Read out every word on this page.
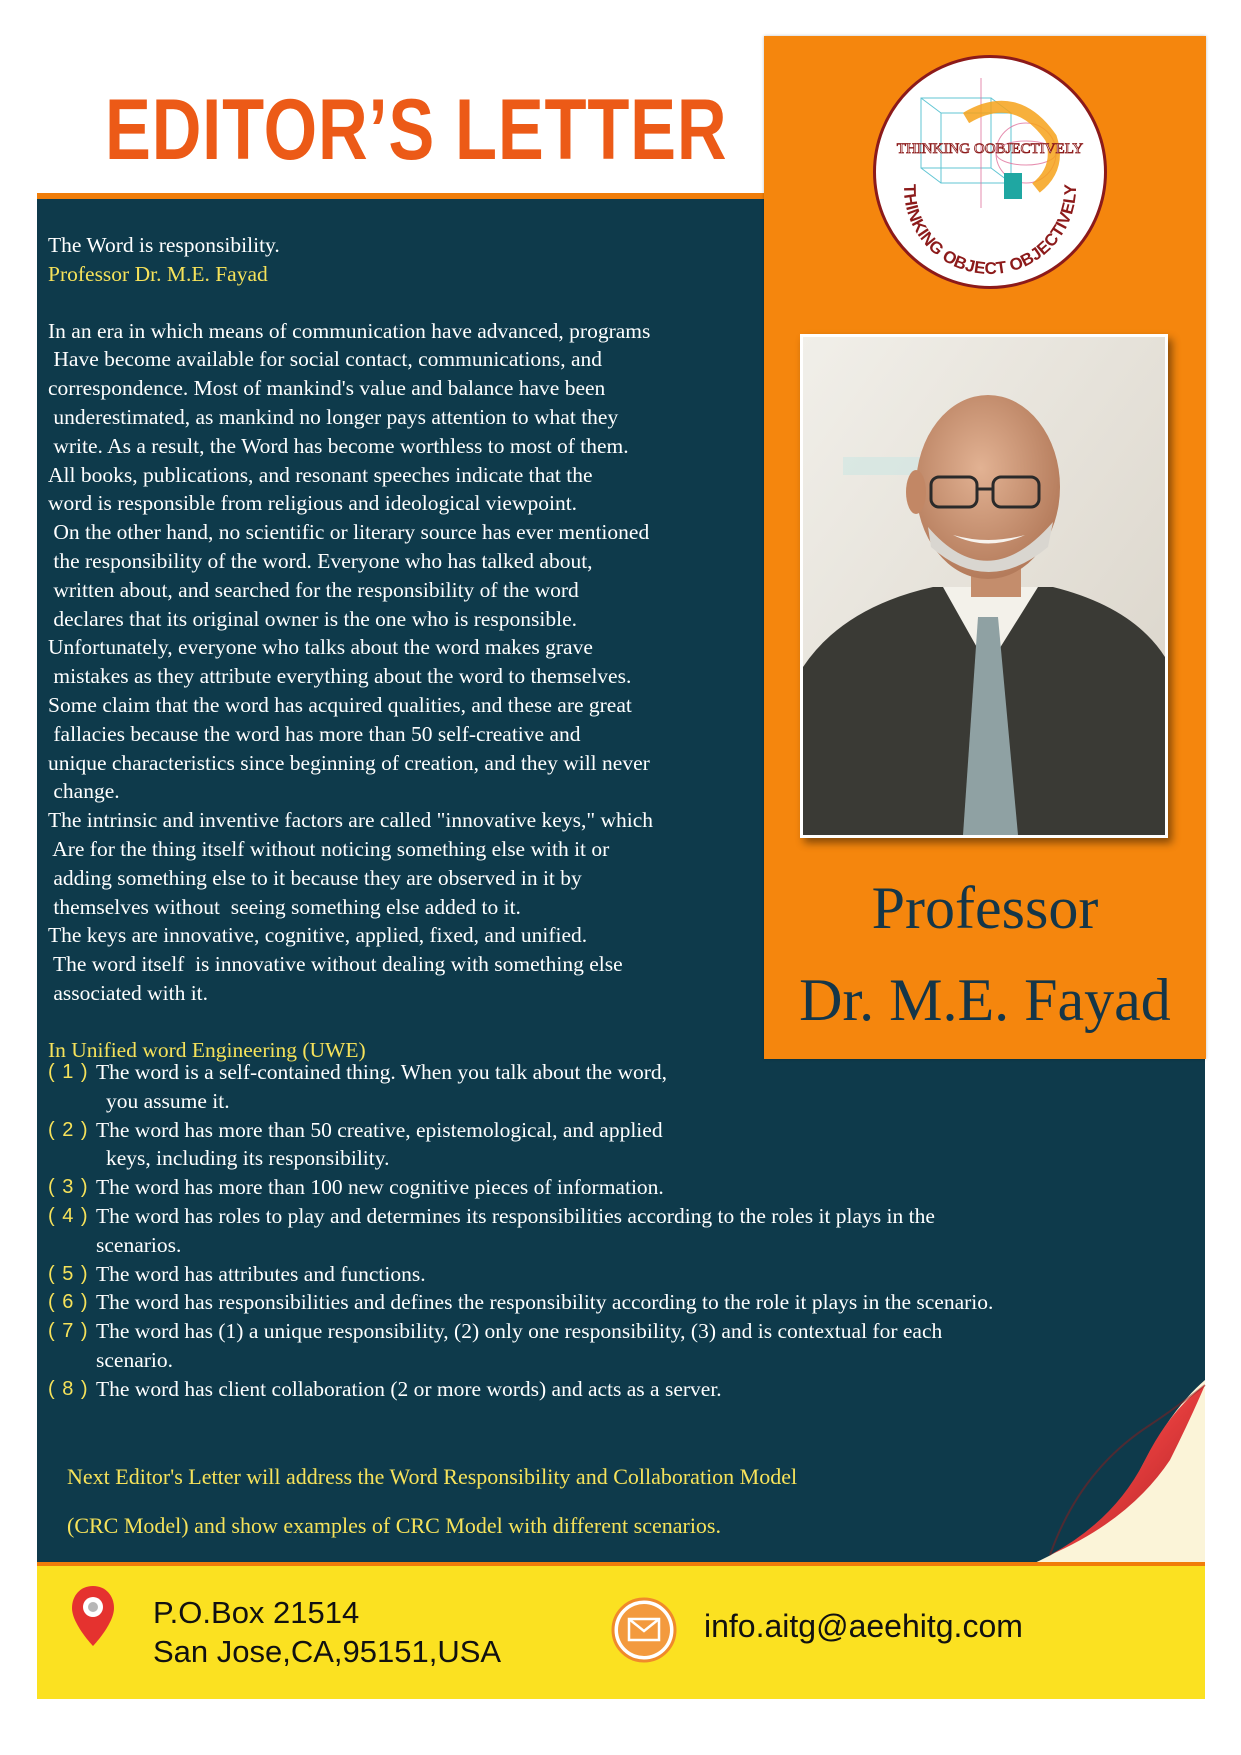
EDITOR’S LETTER	THINKING OOBJECTIVELY
THINKING OBJECT OBJECTIVELY

Professor
Dr. M.E. Fayad

The Word is responsibility.

Professor Dr. M.E. Fayad

In an era in which means of communication have advanced, programs

Have become available for social contact, communications, and

correspondence. Most of mankind's value and balance have been

underestimated, as mankind no longer pays attention to what they

write. As a result, the Word has become worthless to most of them.

All books, publications, and resonant speeches indicate that the

word is responsible from religious and ideological viewpoint.

On the other hand, no scientific or literary source has ever mentioned

the responsibility of the word. Everyone who has talked about,

written about, and searched for the responsibility of the word

declares that its original owner is the one who is responsible.

Unfortunately, everyone who talks about the word makes grave

mistakes as they attribute everything about the word to themselves.

Some claim that the word has acquired qualities, and these are great

fallacies because the word has more than 50 self-creative and

unique characteristics since beginning of creation, and they will never

change.

The intrinsic and inventive factors are called "innovative keys," which

Are for the thing itself without noticing something else with it or

adding something else to it because they are observed in it by

themselves without  seeing something else added to it.

The keys are innovative, cognitive, applied, fixed, and unified.

The word itself  is innovative without dealing with something else

associated with it.

In Unified word Engineering (UWE)

( 1 ) The word is a self-contained thing. When you talk about the word,
you assume it.
( 2 ) The word has more than 50 creative, epistemological, and applied
keys, including its responsibility.
( 3 ) The word has more than 100 new cognitive pieces of information.
( 4 ) The word has roles to play and determines its responsibilities according to the roles it plays in the
scenarios.
( 5 ) The word has attributes and functions.
( 6 ) The word has responsibilities and defines the responsibility according to the role it plays in the scenario.
( 7 ) The word has (1) a unique responsibility, (2) only one responsibility, (3) and is contextual for each
scenario.
( 8 ) The word has client collaboration (2 or more words) and acts as a server.

Next Editor's Letter will address the Word Responsibility and Collaboration Model

(CRC Model) and show examples of CRC Model with different scenarios.

P.O.Box 21514
San Jose,CA,95151,USA

info.aitg@aeehitg.com
